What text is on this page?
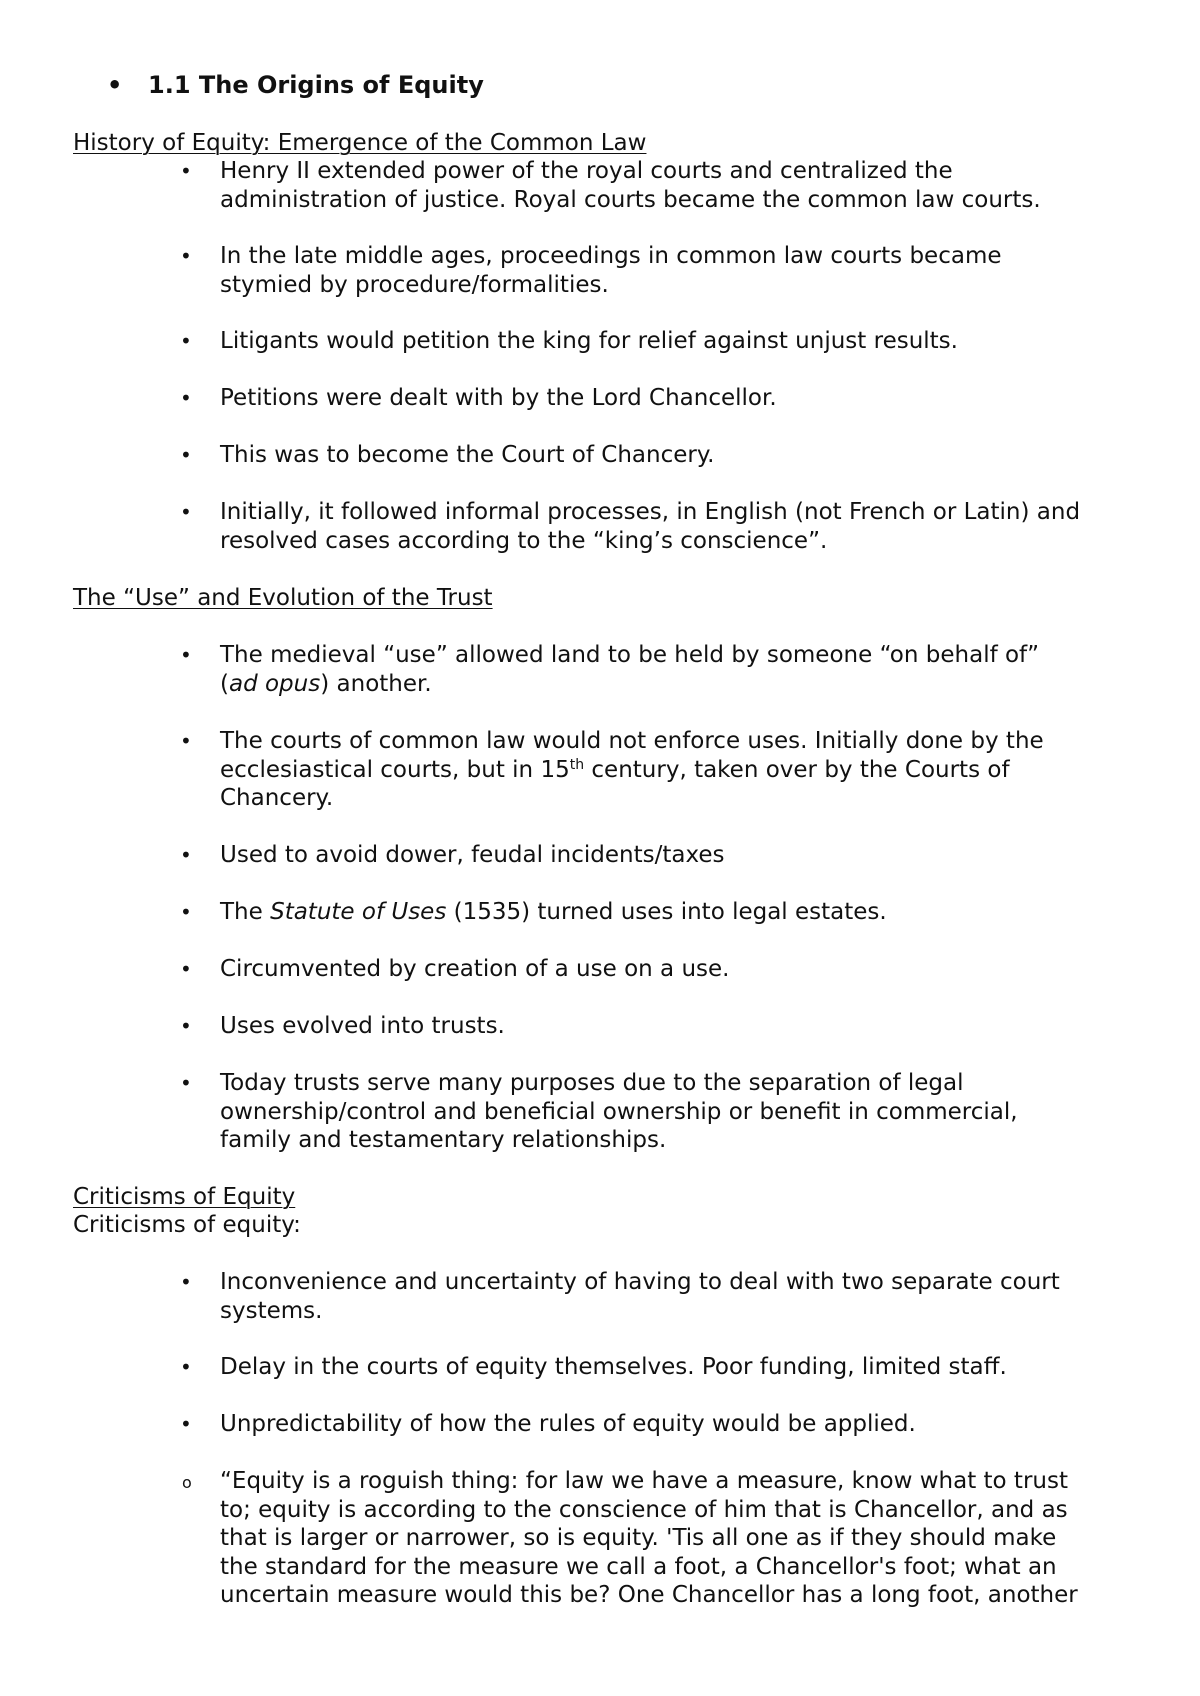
• 1.1 The Origins of Equity
History of Equity: Emergence of the Common Law
• Henry II extended power of the royal courts and centralized the
administration of justice. Royal courts became the common law courts.
• In the late middle ages, proceedings in common law courts became
stymied by procedure/formalities.
• Litigants would petition the king for relief against unjust results.
• Petitions were dealt with by the Lord Chancellor.
• This was to become the Court of Chancery.
• Initially, it followed informal processes, in English (not French or Latin) and
resolved cases according to the “king’s conscience”.
The “Use” and Evolution of the Trust
• The medieval “use” allowed land to be held by someone “on behalf of”
(ad opus) another.
• The courts of common law would not enforce uses. Initially done by the
ecclesiastical courts, but in 15th century, taken over by the Courts of
Chancery.
• Used to avoid dower, feudal incidents/taxes
• The Statute of Uses (1535) turned uses into legal estates.
• Circumvented by creation of a use on a use.
• Uses evolved into trusts.
• Today trusts serve many purposes due to the separation of legal
ownership/control and beneficial ownership or benefit in commercial,
family and testamentary relationships.
Criticisms of Equity
Criticisms of equity:
• Inconvenience and uncertainty of having to deal with two separate court
systems.
• Delay in the courts of equity themselves. Poor funding, limited staff.
• Unpredictability of how the rules of equity would be applied.
o “Equity is a roguish thing: for law we have a measure, know what to trust
to; equity is according to the conscience of him that is Chancellor, and as
that is larger or narrower, so is equity. 'Tis all one as if they should make
the standard for the measure we call a foot, a Chancellor's foot; what an
uncertain measure would this be? One Chancellor has a long foot, another
